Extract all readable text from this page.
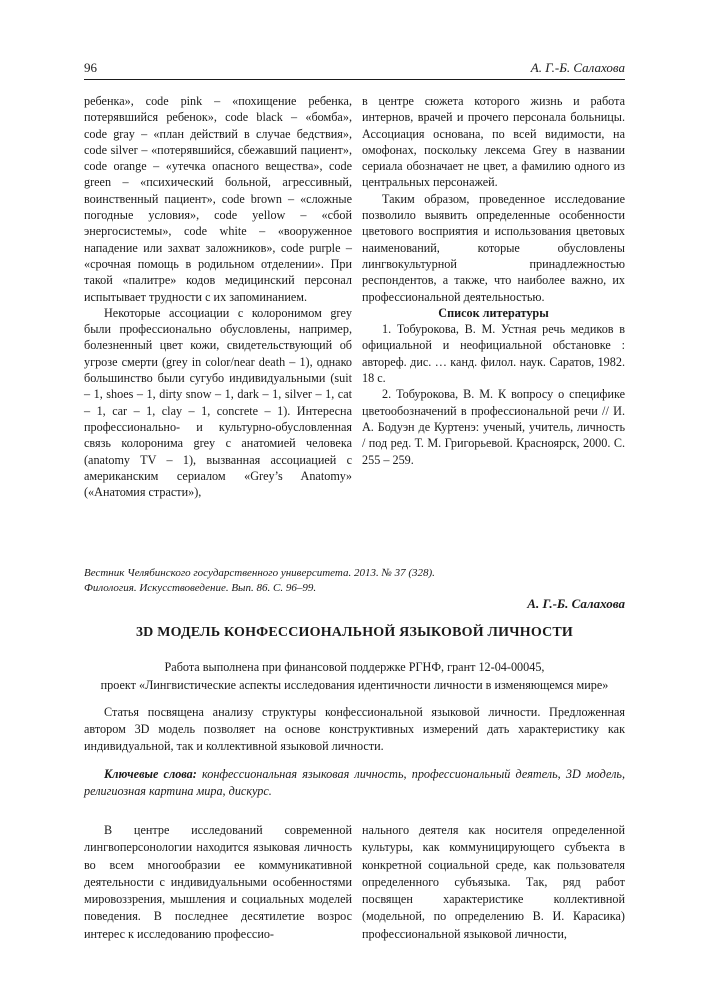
96	А. Г.-Б. Салахова

ребенка», code pink – «похищение ребенка, потерявшийся ребенок», code black – «бомба», code gray – «план действий в случае бедствия», code silver – «потерявшийся, сбежавший пациент», code orange – «утечка опасного вещества», code green – «психический больной, агрессивный, воинственный пациент», code brown – «сложные погодные условия», code yellow – «сбой энергосистемы», code white – «вооруженное нападение или захват заложников», code purple – «срочная помощь в родильном отделении». При такой «палитре» кодов медицинский персонал испытывает трудности с их запоминанием.

Некоторые ассоциации с колоронимом grey были профессионально обусловлены, например, болезненный цвет кожи, свидетельствующий об угрозе смерти (grey in color/near death – 1), однако большинство были сугубо индивидуальными (suit – 1, shoes – 1, dirty snow – 1, dark – 1, silver – 1, cat – 1, car – 1, clay – 1, concrete – 1). Интересна профессионально- и культурно-обусловленная связь колоронима grey с анатомией человека (anatomy TV – 1), вызванная ассоциацией с американским сериалом «Grey’s Anatomy» («Анатомия страсти»),

в центре сюжета которого жизнь и работа интернов, врачей и прочего персонала больницы. Ассоциация основана, по всей видимости, на омофонах, поскольку лексема Grey в названии сериала обозначает не цвет, а фамилию одного из центральных персонажей.

Таким образом, проведенное исследование позволило выявить определенные особенности цветового восприятия и использования цветовых наименований, которые обусловлены лингвокультурной принадлежностью респондентов, а также, что наиболее важно, их профессиональной деятельностью.

Список литературы

1. Тобурокова, В. М. Устная речь медиков в официальной и неофициальной обстановке : автореф. дис. … канд. филол. наук. Саратов, 1982. 18 с.

2. Тобурокова, В. М. К вопросу о специфике цветообозначений в профессиональной речи // И. А. Бодуэн де Куртенэ: ученый, учитель, личность / под ред. Т. М. Григорьевой. Красноярск, 2000. С. 255 – 259.

Вестник Челябинского государственного университета. 2013. № 37 (328).
Филология. Искусствоведение. Вып. 86. С. 96–99.
А. Г.-Б. Салахова
3D МОДЕЛЬ КОНФЕССИОНАЛЬНОЙ ЯЗЫКОВОЙ ЛИЧНОСТИ
Работа выполнена при финансовой поддержке РГНФ, грант 12-04-00045,
проект «Лингвистические аспекты исследования идентичности личности в изменяющемся мире»

Статья посвящена анализу структуры конфессиональной языковой личности. Предложенная автором 3D модель позволяет на основе конструктивных измерений дать характеристику как индивидуальной, так и коллективной языковой личности.

Ключевые слова: конфессиональная языковая личность, профессиональный деятель, 3D модель, религиозная картина мира, дискурс.

В центре исследований современной лингвоперсонологии находится языковая личность во всем многообразии ее коммуникативной деятельности с индивидуальными особенностями мировоззрения, мышления и социальных моделей поведения. В последнее десятилетие возрос интерес к исследованию профессио-

нального деятеля как носителя определенной культуры, как коммуницирующего субъекта в конкретной социальной среде, как пользователя определенного субъязыка. Так, ряд работ посвящен характеристике коллективной (модельной, по определению В. И. Карасика) профессиональной языковой личности,
